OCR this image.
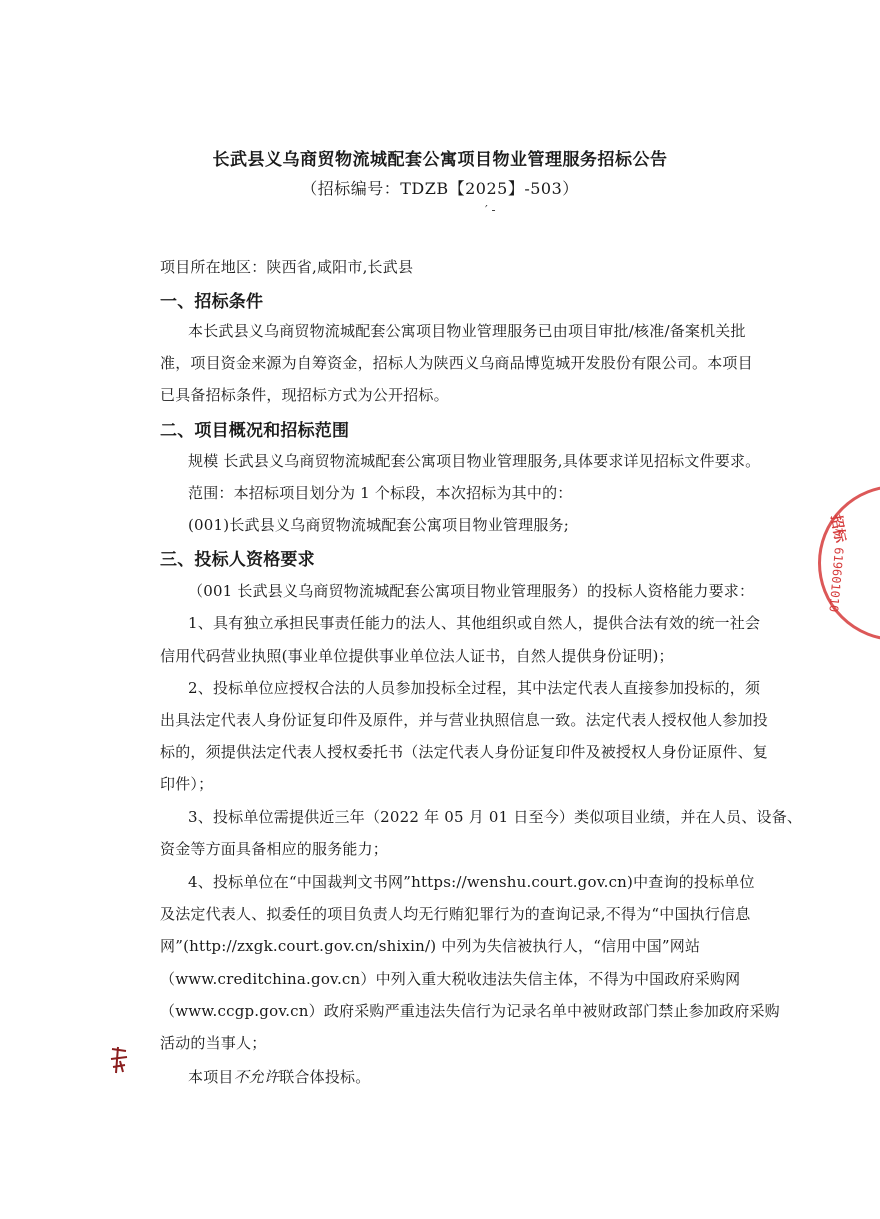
长武县义乌商贸物流城配套公寓项目物业管理服务招标公告
（招标编号：TDZB【2025】-503）
′ -
项目所在地区：陕西省,咸阳市,长武县
一、招标条件
本长武县义乌商贸物流城配套公寓项目物业管理服务已由项目审批/核准/备案机关批
准，项目资金来源为自筹资金，招标人为陕西义乌商品博览城开发股份有限公司。本项目
已具备招标条件，现招标方式为公开招标。
二、项目概况和招标范围
规模 长武县义乌商贸物流城配套公寓项目物业管理服务,具体要求详见招标文件要求。
范围：本招标项目划分为 1 个标段，本次招标为其中的：
(001)长武县义乌商贸物流城配套公寓项目物业管理服务;
三、投标人资格要求
（001 长武县义乌商贸物流城配套公寓项目物业管理服务）的投标人资格能力要求：
1、具有独立承担民事责任能力的法人、其他组织或自然人，提供合法有效的统一社会
信用代码营业执照(事业单位提供事业单位法人证书，自然人提供身份证明)；
2、投标单位应授权合法的人员参加投标全过程，其中法定代表人直接参加投标的，须
出具法定代表人身份证复印件及原件，并与营业执照信息一致。法定代表人授权他人参加投
标的，须提供法定代表人授权委托书（法定代表人身份证复印件及被授权人身份证原件、复
印件）；
3、投标单位需提供近三年（2022 年 05 月 01 日至今）类似项目业绩，并在人员、设备、
资金等方面具备相应的服务能力；
4、投标单位在“中国裁判文书网”https://wenshu.court.gov.cn)中查询的投标单位
及法定代表人、拟委任的项目负责人均无行贿犯罪行为的查询记录,不得为“中国执行信息
网”(http://zxgk.court.gov.cn/shixin/) 中列为失信被执行人，“信用中国”网站
（www.creditchina.gov.cn）中列入重大税收违法失信主体，不得为中国政府采购网
（www.ccgp.gov.cn）政府采购严重违法失信行为记录名单中被财政部门禁止参加政府采购
活动的当事人；
本项目不允许联合体投标。
619601010
招标
